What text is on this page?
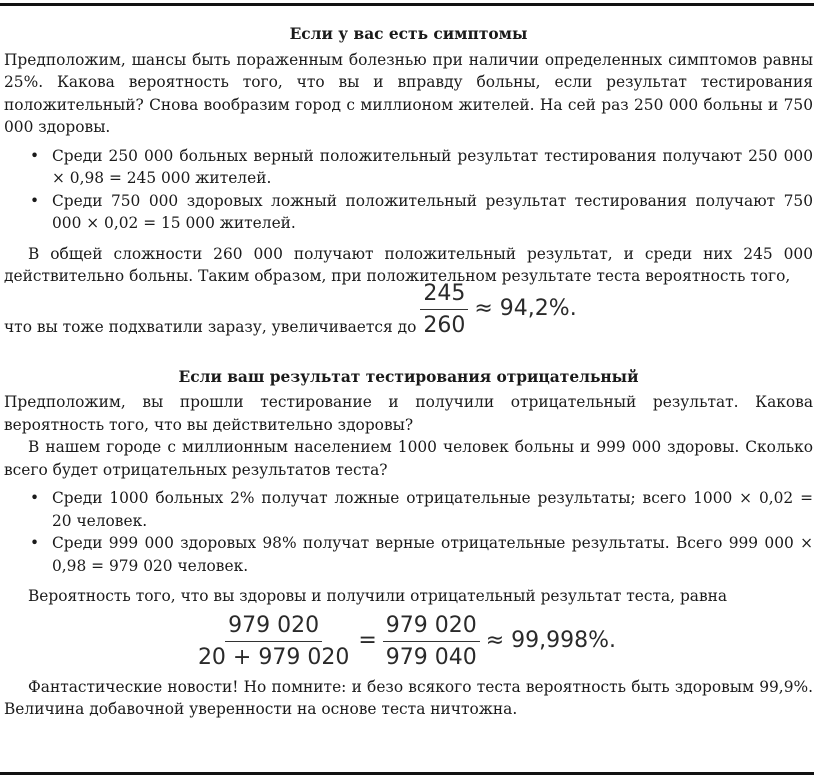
Если у вас есть симптомы

Предположим, шансы быть пораженным болезнью при наличии определенных симптомов равны 25%. Какова вероятность того, что вы и вправду больны, если результат тестирования положительный? Снова вообразим город с миллионом жителей. На сей раз 250 000 больны и 750 000 здоровы.

• Среди 250 000 больных верный положительный результат тестирования получают 250 000 × 0,98 = 245 000 жителей.
• Среди 750 000 здоровых ложный положительный результат тестирования получают 750 000 × 0,02 = 15 000 жителей.

В общей сложности 260 000 получают положительный результат, и среди них 245 000 действительно больны. Таким образом, при положительном результате теста вероятность того,

что вы тоже подхватили заразу, увеличивается до $\frac{245}{260} \approx 94,2\%$.
Если ваш результат тестирования отрицательный

Предположим, вы прошли тестирование и получили отрицательный результат. Какова вероятность того, что вы действительно здоровы?

В нашем городе с миллионным населением 1000 человек больны и 999 000 здоровы. Сколько всего будет отрицательных результатов теста?

• Среди 1000 больных 2% получат ложные отрицательные результаты; всего 1000 × 0,02 = 20 человек.
• Среди 999 000 здоровых 98% получат верные отрицательные результаты. Всего 999 000 × 0,98 = 979 020 человек.

Вероятность того, что вы здоровы и получили отрицательный результат теста, равна

$\frac{979 020}{20 + 979 020} = \frac{979 020}{979 040} \approx 99,998\%$.

Фантастические новости! Но помните: и безо всякого теста вероятность быть здоровым 99,9%. Величина добавочной уверенности на основе теста ничтожна.
